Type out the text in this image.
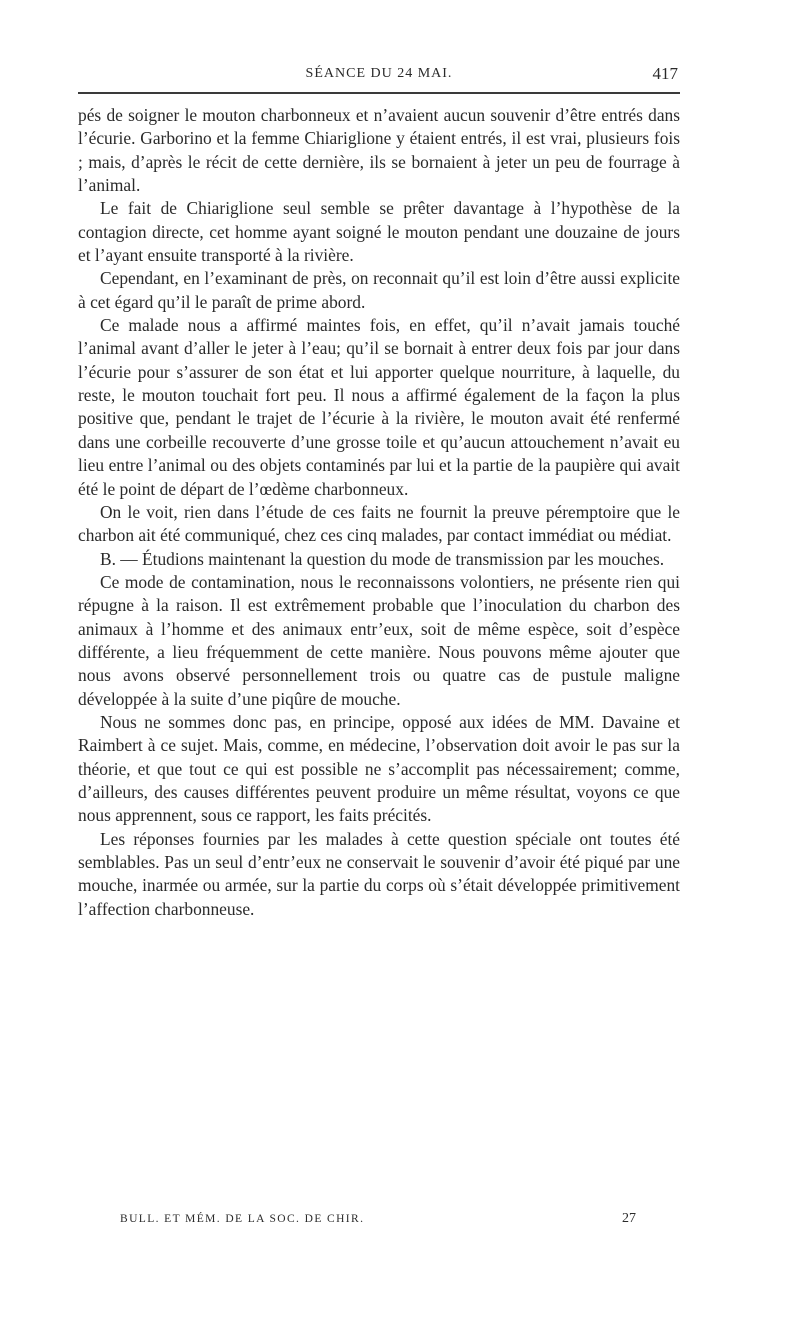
SÉANCE DU 24 MAI.	417

pés de soigner le mouton charbonneux et n’avaient aucun souvenir d’être entrés dans l’écurie. Garborino et la femme Chiariglione y étaient entrés, il est vrai, plusieurs fois ; mais, d’après le récit de cette dernière, ils se bornaient à jeter un peu de fourrage à l’animal.

Le fait de Chiariglione seul semble se prêter davantage à l’hypothèse de la contagion directe, cet homme ayant soigné le mouton pendant une douzaine de jours et l’ayant ensuite transporté à la rivière.

Cependant, en l’examinant de près, on reconnait qu’il est loin d’être aussi explicite à cet égard qu’il le paraît de prime abord.

Ce malade nous a affirmé maintes fois, en effet, qu’il n’avait jamais touché l’animal avant d’aller le jeter à l’eau; qu’il se bornait à entrer deux fois par jour dans l’écurie pour s’assurer de son état et lui apporter quelque nourriture, à laquelle, du reste, le mouton touchait fort peu. Il nous a affirmé également de la façon la plus positive que, pendant le trajet de l’écurie à la rivière, le mouton avait été renfermé dans une corbeille recouverte d’une grosse toile et qu’aucun attouchement n’avait eu lieu entre l’animal ou des objets contaminés par lui et la partie de la paupière qui avait été le point de départ de l’œdème charbonneux.

On le voit, rien dans l’étude de ces faits ne fournit la preuve péremptoire que le charbon ait été communiqué, chez ces cinq malades, par contact immédiat ou médiat.

B. — Étudions maintenant la question du mode de transmission par les mouches.

Ce mode de contamination, nous le reconnaissons volontiers, ne présente rien qui répugne à la raison. Il est extrêmement probable que l’inoculation du charbon des animaux à l’homme et des animaux entr’eux, soit de même espèce, soit d’espèce différente, a lieu fréquemment de cette manière. Nous pouvons même ajouter que nous avons observé personnellement trois ou quatre cas de pustule maligne développée à la suite d’une piqûre de mouche.

Nous ne sommes donc pas, en principe, opposé aux idées de MM. Davaine et Raimbert à ce sujet. Mais, comme, en médecine, l’observation doit avoir le pas sur la théorie, et que tout ce qui est possible ne s’accomplit pas nécessairement; comme, d’ailleurs, des causes différentes peuvent produire un même résultat, voyons ce que nous apprennent, sous ce rapport, les faits précités.

Les réponses fournies par les malades à cette question spéciale ont toutes été semblables. Pas un seul d’entr’eux ne conservait le souvenir d’avoir été piqué par une mouche, inarmée ou armée, sur la partie du corps où s’était développée primitivement l’affection charbonneuse.

BULL. ET MÉM. DE LA SOC. DE CHIR.	27
